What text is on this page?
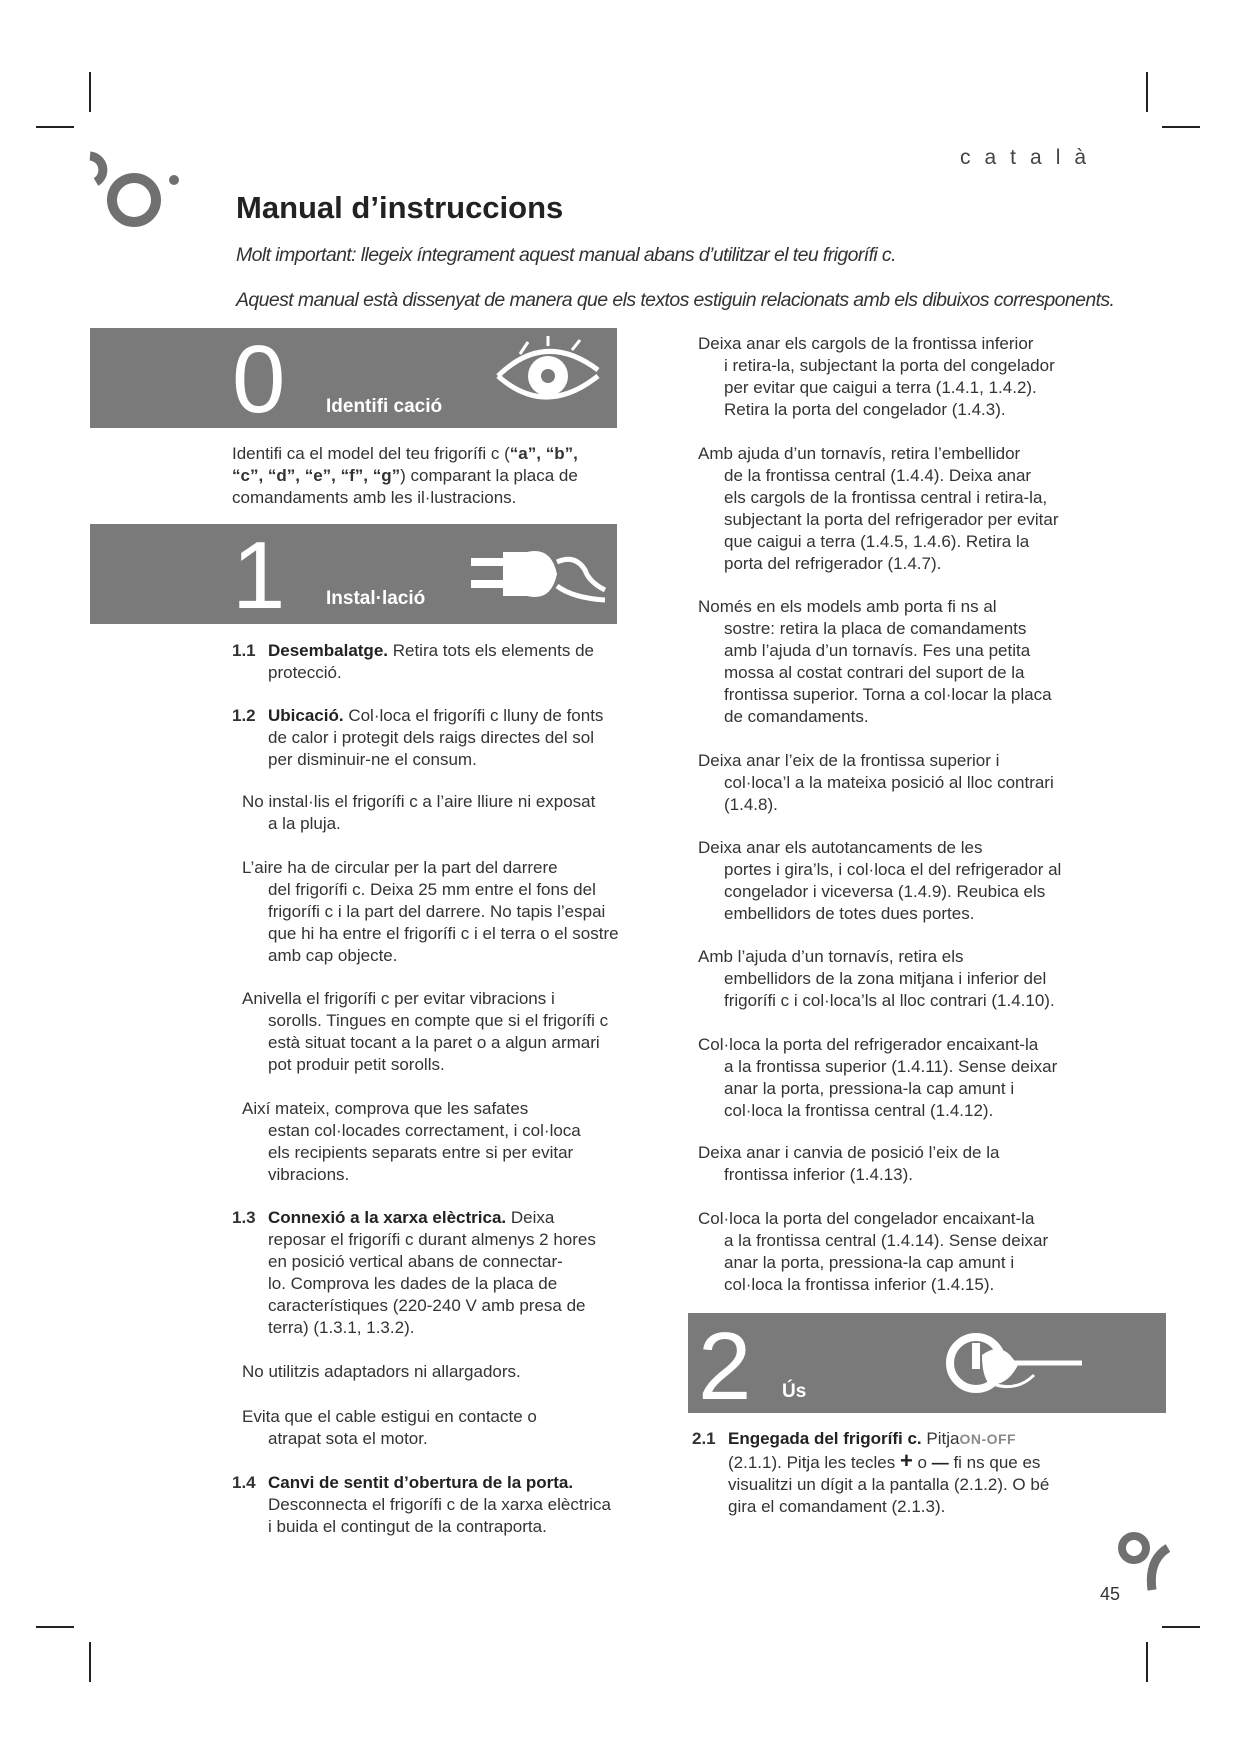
català
Manual d’instruccions
Molt important: llegeix íntegrament aquest manual abans d’utilitzar el teu frigorífi c.
Aquest manual està dissenyat de manera que els textos estiguin relacionats amb els dibuixos corresponents.
0 Identifi cació
Identifi ca el model del teu frigorífi c (“a”, “b”,
“c”, “d”, “e”, “f”, “g”) comparant la placa de
comandaments amb les il·lustracions.
1 Instal·lació
1.1 Desembalatge. Retira tots els elements de
protecció.
1.2 Ubicació. Col·loca el frigorífi c lluny de fonts
de calor i protegit dels raigs directes del sol
per disminuir-ne el consum.
No instal·lis el frigorífi c a l’aire lliure ni exposat
a la pluja.
L’aire ha de circular per la part del darrere
del frigorífi c. Deixa 25 mm entre el fons del
frigorífi c i la part del darrere. No tapis l’espai
que hi ha entre el frigorífi c i el terra o el sostre
amb cap objecte.
Anivella el frigorífi c per evitar vibracions i
sorolls. Tingues en compte que si el frigorífi c
està situat tocant a la paret o a algun armari
pot produir petit sorolls.
Així mateix, comprova que les safates
estan col·locades correctament, i col·loca
els recipients separats entre si per evitar
vibracions.
1.3 Connexió a la xarxa elèctrica. Deixa
reposar el frigorífi c durant almenys 2 hores
en posició vertical abans de connectar-
lo. Comprova les dades de la placa de
característiques (220-240 V amb presa de
terra) (1.3.1, 1.3.2).
No utilitzis adaptadors ni allargadors.
Evita que el cable estigui en contacte o
atrapat sota el motor.
1.4 Canvi de sentit d’obertura de la porta.
Desconnecta el frigorífi c de la xarxa elèctrica
i buida el contingut de la contraporta.
Deixa anar els cargols de la frontissa inferior
i retira-la, subjectant la porta del congelador
per evitar que caigui a terra (1.4.1, 1.4.2).
Retira la porta del congelador (1.4.3).
Amb ajuda d’un tornavís, retira l’embellidor
de la frontissa central (1.4.4). Deixa anar
els cargols de la frontissa central i retira-la,
subjectant la porta del refrigerador per evitar
que caigui a terra (1.4.5, 1.4.6). Retira la
porta del refrigerador (1.4.7).
Només en els models amb porta fi ns al
sostre: retira la placa de comandaments
amb l’ajuda d’un tornavís. Fes una petita
mossa al costat contrari del suport de la
frontissa superior. Torna a col·locar la placa
de comandaments.
Deixa anar l’eix de la frontissa superior i
col·loca’l a la mateixa posició al lloc contrari
(1.4.8).
Deixa anar els autotancaments de les
portes i gira’ls, i col·loca el del refrigerador al
congelador i viceversa (1.4.9). Reubica els
embellidors de totes dues portes.
Amb l’ajuda d’un tornavís, retira els
embellidors de la zona mitjana i inferior del
frigorífi c i col·loca’ls al lloc contrari (1.4.10).
Col·loca la porta del refrigerador encaixant-la
a la frontissa superior (1.4.11). Sense deixar
anar la porta, pressiona-la cap amunt i
col·loca la frontissa central (1.4.12).
Deixa anar i canvia de posició l’eix de la
frontissa inferior (1.4.13).
Col·loca la porta del congelador encaixant-la
a la frontissa central (1.4.14). Sense deixar
anar la porta, pressiona-la cap amunt i
col·loca la frontissa inferior (1.4.15).
2 Ús
2.1 Engegada del frigorífi c. PitjaON-OFF
(2.1.1). Pitja les tecles + o — fi ns que es
visualitzi un dígit a la pantalla (2.1.2). O bé
gira el comandament (2.1.3).
45
